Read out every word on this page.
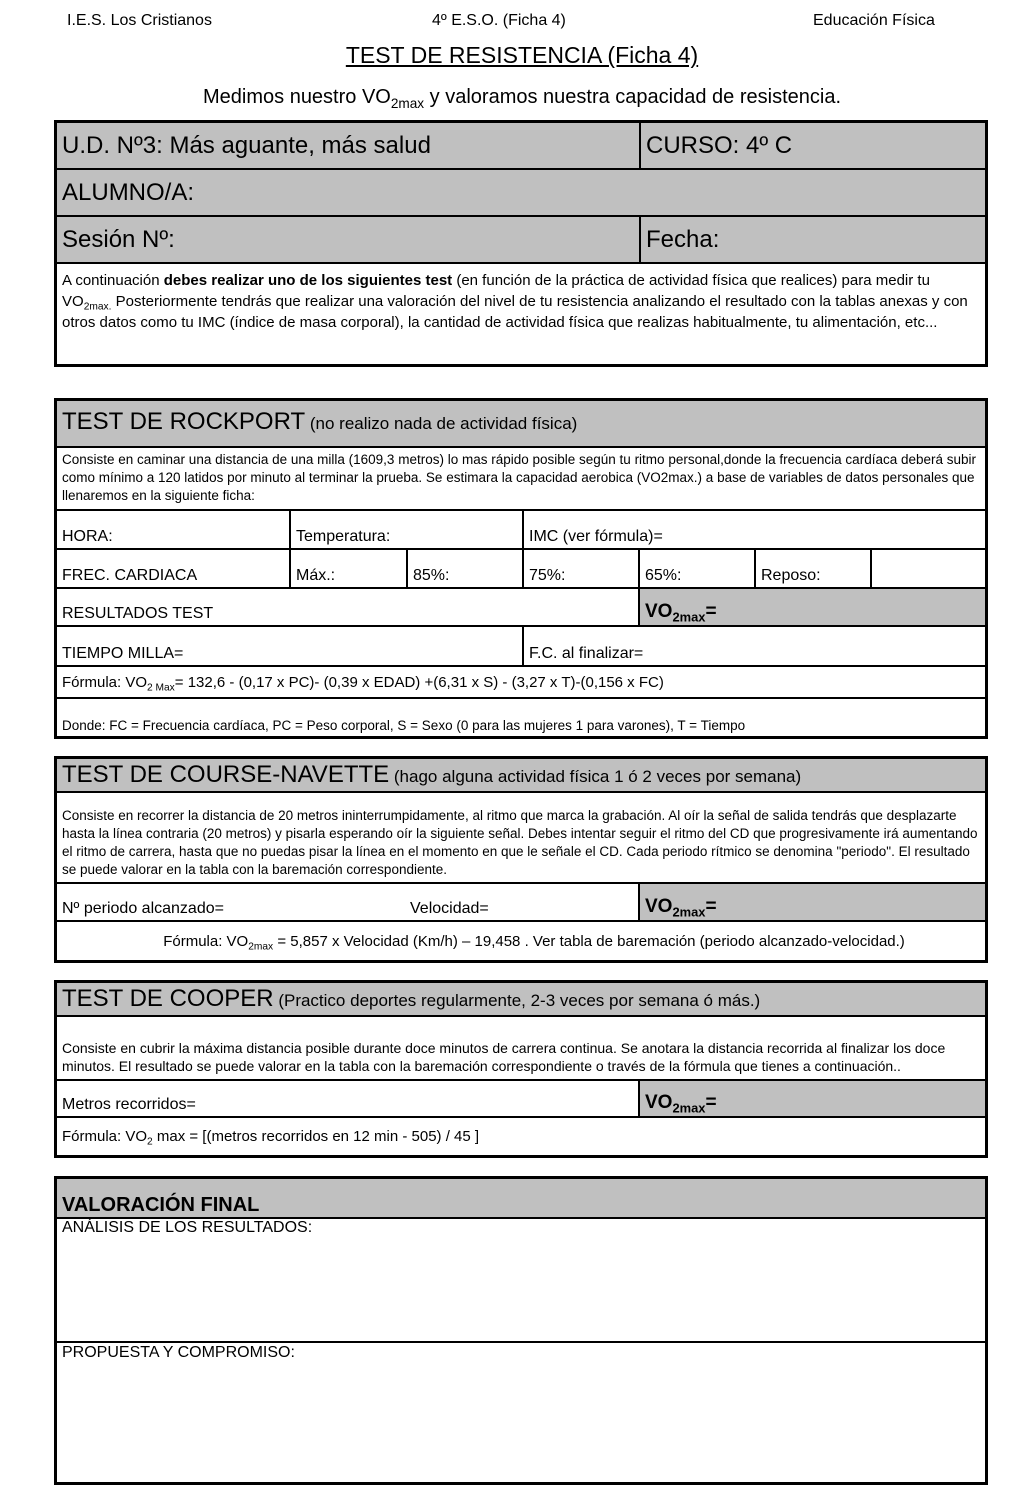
I.E.S. Los Cristianos	4º E.S.O. (Ficha 4)	Educación Física
TEST DE RESISTENCIA (Ficha 4)
Medimos nuestro $VO_{2max}$ y valoramos nuestra capacidad de resistencia.
U.D. Nº3: Más aguante, más salud	CURSO: 4º C
ALUMNO/A:
Sesión Nº:	Fecha:
A continuación debes realizar uno de los siguientes test (en función de la práctica de actividad física que realices) para medir tu $VO_{2max.}$ Posteriormente tendrás que realizar una valoración del nivel de tu resistencia analizando el resultado con la tablas anexas y con otros datos como tu IMC (índice de masa corporal), la cantidad de actividad física que realizas habitualmente, tu alimentación, etc...
TEST DE ROCKPORT (no realizo nada de actividad física)
Consiste en caminar una distancia de una milla (1609,3 metros) lo mas rápido posible según tu ritmo personal,donde la frecuencia cardíaca deberá subir como mínimo a 120 latidos por minuto al terminar la prueba. Se estimara la capacidad aerobica (VO2max.) a base de variables de datos personales que llenaremos en la siguiente ficha:
HORA:	Temperatura:	IMC (ver fórmula)=
FREC. CARDIACA	Máx.:	85%:	75%:	65%:	Reposo:
RESULTADOS TEST	$VO_{2max}=$
TIEMPO MILLA=	F.C. al finalizar=
Fórmula: $VO_{2 Max}= 132,6 - (0,17$ x PC)- (0,39 x EDAD) +(6,31 x S) - (3,27 x T)-(0,156 x FC)
Donde: FC = Frecuencia cardíaca, PC = Peso corporal, S = Sexo (0 para las mujeres 1 para varones), T = Tiempo
TEST DE COURSE-NAVETTE (hago alguna actividad física 1 ó 2 veces por semana)
Consiste en recorrer la distancia de 20 metros ininterrumpidamente, al ritmo que marca la grabación. Al oír la señal de salida tendrás que desplazarte hasta la línea contraria (20 metros) y pisarla esperando oír la siguiente señal. Debes intentar seguir el ritmo del CD que progresivamente irá aumentando el ritmo de carrera, hasta que no puedas pisar la línea en el momento en que le señale el CD. Cada periodo rítmico se denomina "periodo". El resultado se puede valorar en la tabla con la baremación correspondiente.
Nº periodo alcanzado=	Velocidad=	$VO_{2max}=$
Fórmula: $VO_{2max} = 5,857$ x Velocidad (Km/h) – 19,458 . Ver tabla de baremación (periodo alcanzado-velocidad.)
TEST DE COOPER (Practico deportes regularmente, 2-3 veces por semana ó más.)
Consiste en cubrir la máxima distancia posible durante doce minutos de carrera continua. Se anotara la distancia recorrida al finalizar los doce minutos. El resultado se puede valorar en la tabla con la baremación correspondiente o través de la fórmula que tienes a continuación..
Metros recorridos=	$VO_{2max}=$
Fórmula: $VO_2$ max = [(metros recorridos en 12 min - 505) / 45 ]
VALORACIÓN FINAL
ANÁLISIS DE LOS RESULTADOS:
PROPUESTA Y COMPROMISO:
